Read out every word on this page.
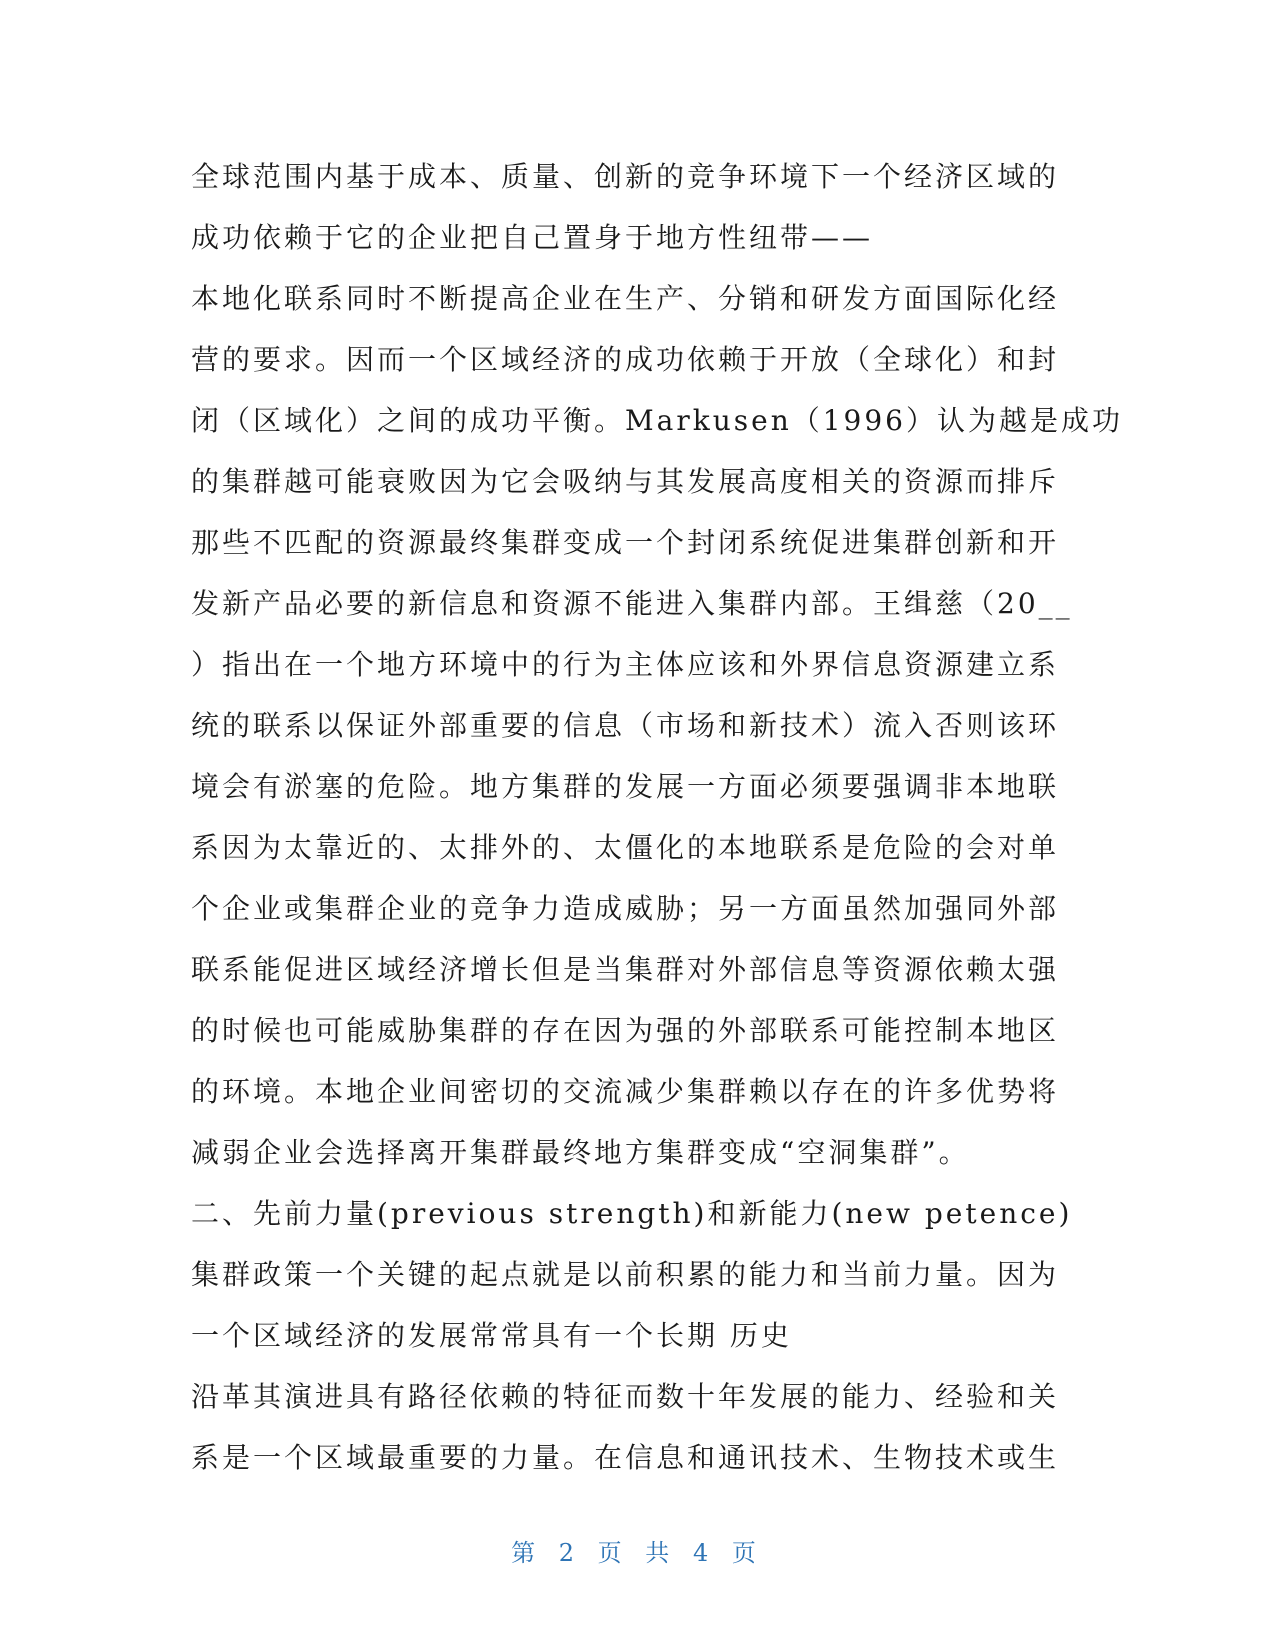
全球范围内基于成本、质量、创新的竞争环境下一个经济区域的
成功依赖于它的企业把自己置身于地方性纽带——
本地化联系同时不断提高企业在生产、分销和研发方面国际化经
营的要求。因而一个区域经济的成功依赖于开放（全球化）和封
闭（区域化）之间的成功平衡。Markusen（1996）认为越是成功
的集群越可能衰败因为它会吸纳与其发展高度相关的资源而排斥
那些不匹配的资源最终集群变成一个封闭系统促进集群创新和开
发新产品必要的新信息和资源不能进入集群内部。王缉慈（20__
）指出在一个地方环境中的行为主体应该和外界信息资源建立系
统的联系以保证外部重要的信息（市场和新技术）流入否则该环
境会有淤塞的危险。地方集群的发展一方面必须要强调非本地联
系因为太靠近的、太排外的、太僵化的本地联系是危险的会对单
个企业或集群企业的竞争力造成威胁；另一方面虽然加强同外部
联系能促进区域经济增长但是当集群对外部信息等资源依赖太强
的时候也可能威胁集群的存在因为强的外部联系可能控制本地区
的环境。本地企业间密切的交流减少集群赖以存在的许多优势将
减弱企业会选择离开集群最终地方集群变成“空洞集群”。
二、先前力量(previous strength)和新能力(new petence)
集群政策一个关键的起点就是以前积累的能力和当前力量。因为
一个区域经济的发展常常具有一个长期 历史
沿革其演进具有路径依赖的特征而数十年发展的能力、经验和关
系是一个区域最重要的力量。在信息和通讯技术、生物技术或生
第 2 页 共 4 页
